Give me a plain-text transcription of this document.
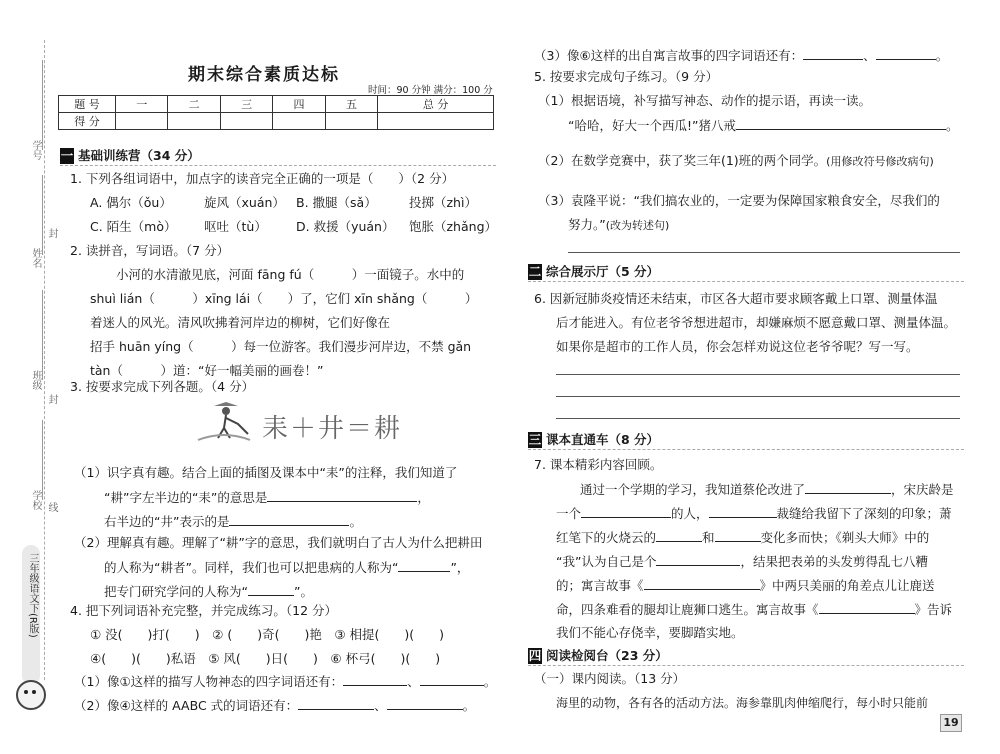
学号
姓名
封
班级
封
学校 线
三年级语文下(R版)
期末综合素质达标
时间：90 分钟 满分：100 分
题 号	一	二	三	四	五	总 分
得 分						
一 基础训练营（34 分）
1. 下列各组词语中，加点字的读音完全正确的一项是（　　）（2 分）
A. 偶尔（ǒu）	旋风（xuán） B. 撒腿（sǎ）	投掷（zhì）
C. 陌生（mò） 呕吐（tù） D. 救援（yuán） 饱胀（zhǎng）
2. 读拼音，写词语。（7 分）
小河的水清澈见底，河面 fāng fú（　　　）一面镜子。水中的
shuì lián（　　　）xīng lái（　　）了，它们 xīn shǎng（　　　）
着迷人的风光。清风吹拂着河岸边的柳树，它们好像在
招手 huān yíng（　　　）每一位游客。我们漫步河岸边，不禁 gǎn
tàn（　　　）道：“好一幅美丽的画卷！”
3. 按要求完成下列各题。（4 分）
耒＋井＝耕
（1）识字真有趣。结合上面的插图及课本中“耒”的注释，我们知道了
“耕”字左半边的“耒”的意思是	，
右半边的“井”表示的是	。
（2）理解真有趣。理解了“耕”字的意思，我们就明白了古人为什么把耕田
的人称为“耕者”。同样，我们也可以把患病的人称为“	”，
把专门研究学问的人称为“	”。
4. 把下列词语补充完整，并完成练习。（12 分）
① 没(　　)打(　　)　② (　　)奇(　　)艳　③ 相提(　　)(　　)
④(　　)(　　)私语　⑤ 风(　　)日(　　)　⑥ 杯弓(　　)(　　)
（1）像①这样的描写人物神态的四字词语还有：	、	。
（2）像④这样的 AABC 式的词语还有：	、	。
（3）像⑥这样的出自寓言故事的四字词语还有：	、	。
5. 按要求完成句子练习。（9 分）
（1）根据语境，补写描写神态、动作的提示语，再读一读。
“哈哈，好大一个西瓜!”猪八戒	。
（2）在数学竞赛中，获了奖三年(1)班的两个同学。(用修改符号修改病句)
（3）袁隆平说：“我们搞农业的，一定要为保障国家粮食安全，尽我们的
努力。”(改为转述句)
二 综合展示厅（5 分）
6. 因新冠肺炎疫情还未结束，市区各大超市要求顾客戴上口罩、测量体温
后才能进入。有位老爷爷想进超市，却嫌麻烦不愿意戴口罩、测量体温。
如果你是超市的工作人员，你会怎样劝说这位老爷爷呢？写一写。
三 课本直通车（8 分）
7. 课本精彩内容回顾。
通过一个学期的学习，我知道蔡伦改进了	，宋庆龄是
一个	的人，	裁缝给我留下了深刻的印象；萧
红笔下的火烧云的	和	变化多而快；《剃头大师》中的
“我”认为自己是个	，结果把表弟的头发剪得乱七八糟
的；寓言故事《	》中两只美丽的角差点儿让鹿送
命，四条难看的腿却让鹿狮口逃生。寓言故事《	》告诉
我们不能心存侥幸，要脚踏实地。
四 阅读检阅台（23 分）
（一）课内阅读。（13 分）
海里的动物，各有各的活动方法。海参靠肌肉伸缩爬行，每小时只能前
19
